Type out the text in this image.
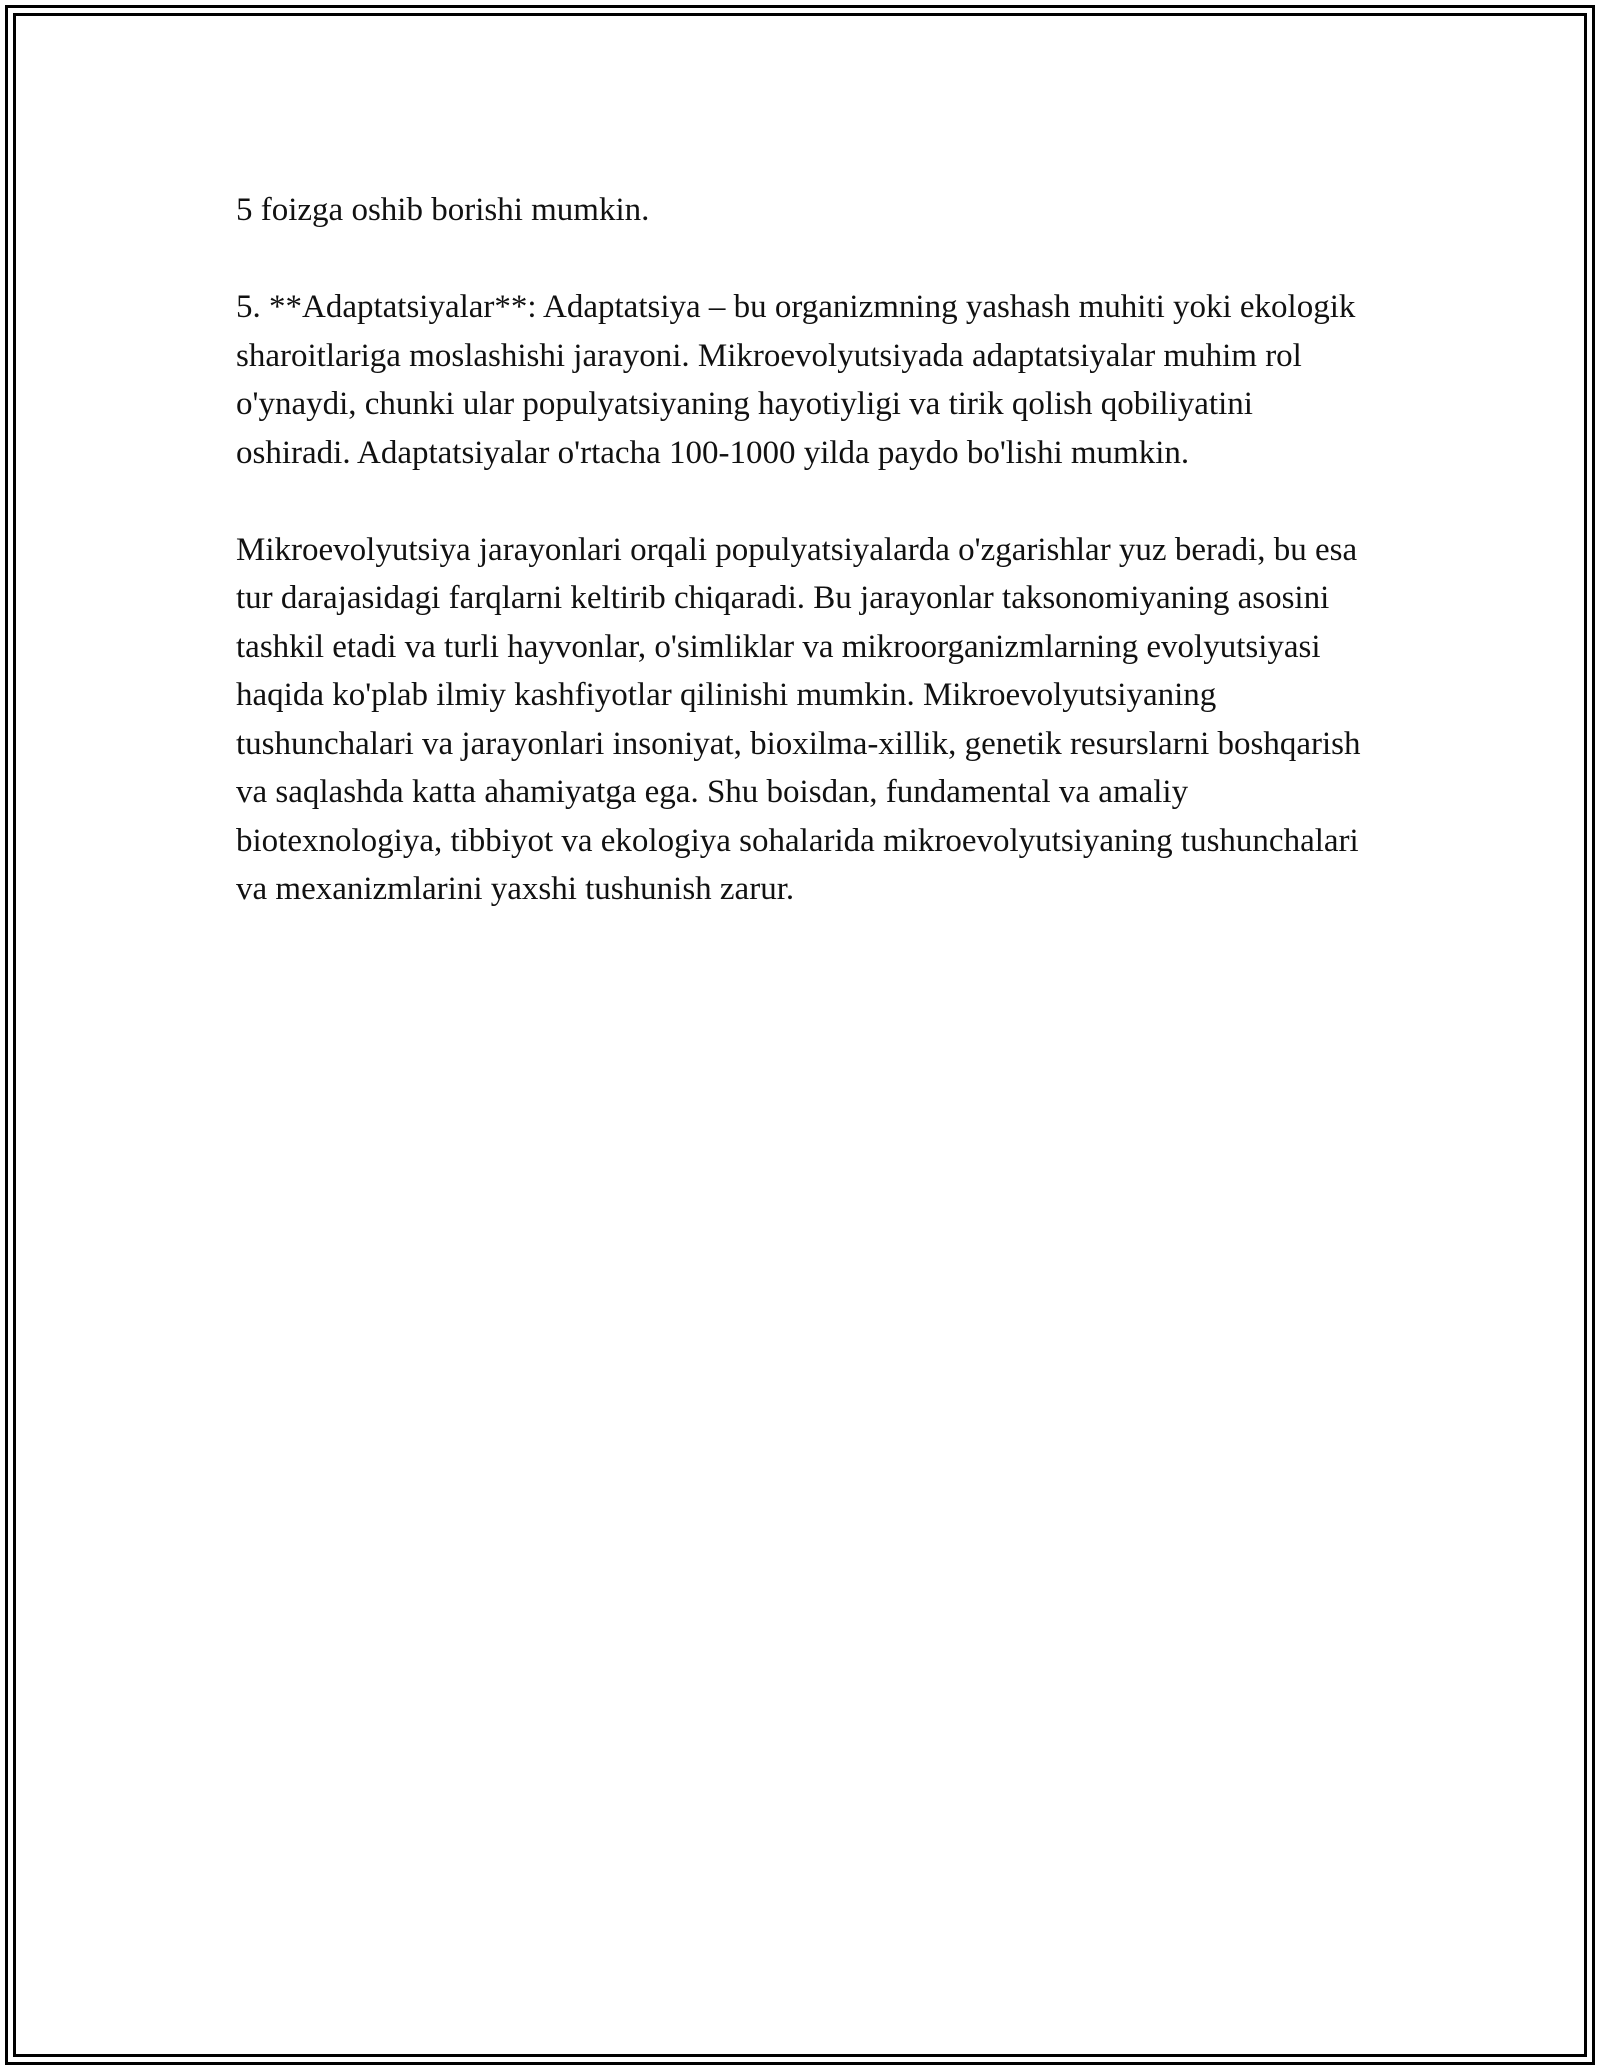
5 foizga oshib borishi mumkin.

5. **Adaptatsiyalar**: Adaptatsiya – bu organizmning yashash muhiti yoki ekologik sharoitlariga moslashishi jarayoni. Mikroevolyutsiyada adaptatsiyalar muhim rol o'ynaydi, chunki ular populyatsiyaning hayotiyligi va tirik qolish qobiliyatini oshiradi. Adaptatsiyalar o'rtacha 100-1000 yilda paydo bo'lishi mumkin.

Mikroevolyutsiya jarayonlari orqali populyatsiyalarda o'zgarishlar yuz beradi, bu esa tur darajasidagi farqlarni keltirib chiqaradi. Bu jarayonlar taksonomiyaning asosini tashkil etadi va turli hayvonlar, o'simliklar va mikroorganizmlarning evolyutsiyasi haqida ko'plab ilmiy kashfiyotlar qilinishi mumkin. Mikroevolyutsiyaning tushunchalari va jarayonlari insoniyat, bioxilma-xillik, genetik resurslarni boshqarish va saqlashda katta ahamiyatga ega. Shu boisdan, fundamental va amaliy biotexnologiya, tibbiyot va ekologiya sohalarida mikroevolyutsiyaning tushunchalari va mexanizmlarini yaxshi tushunish zarur.
